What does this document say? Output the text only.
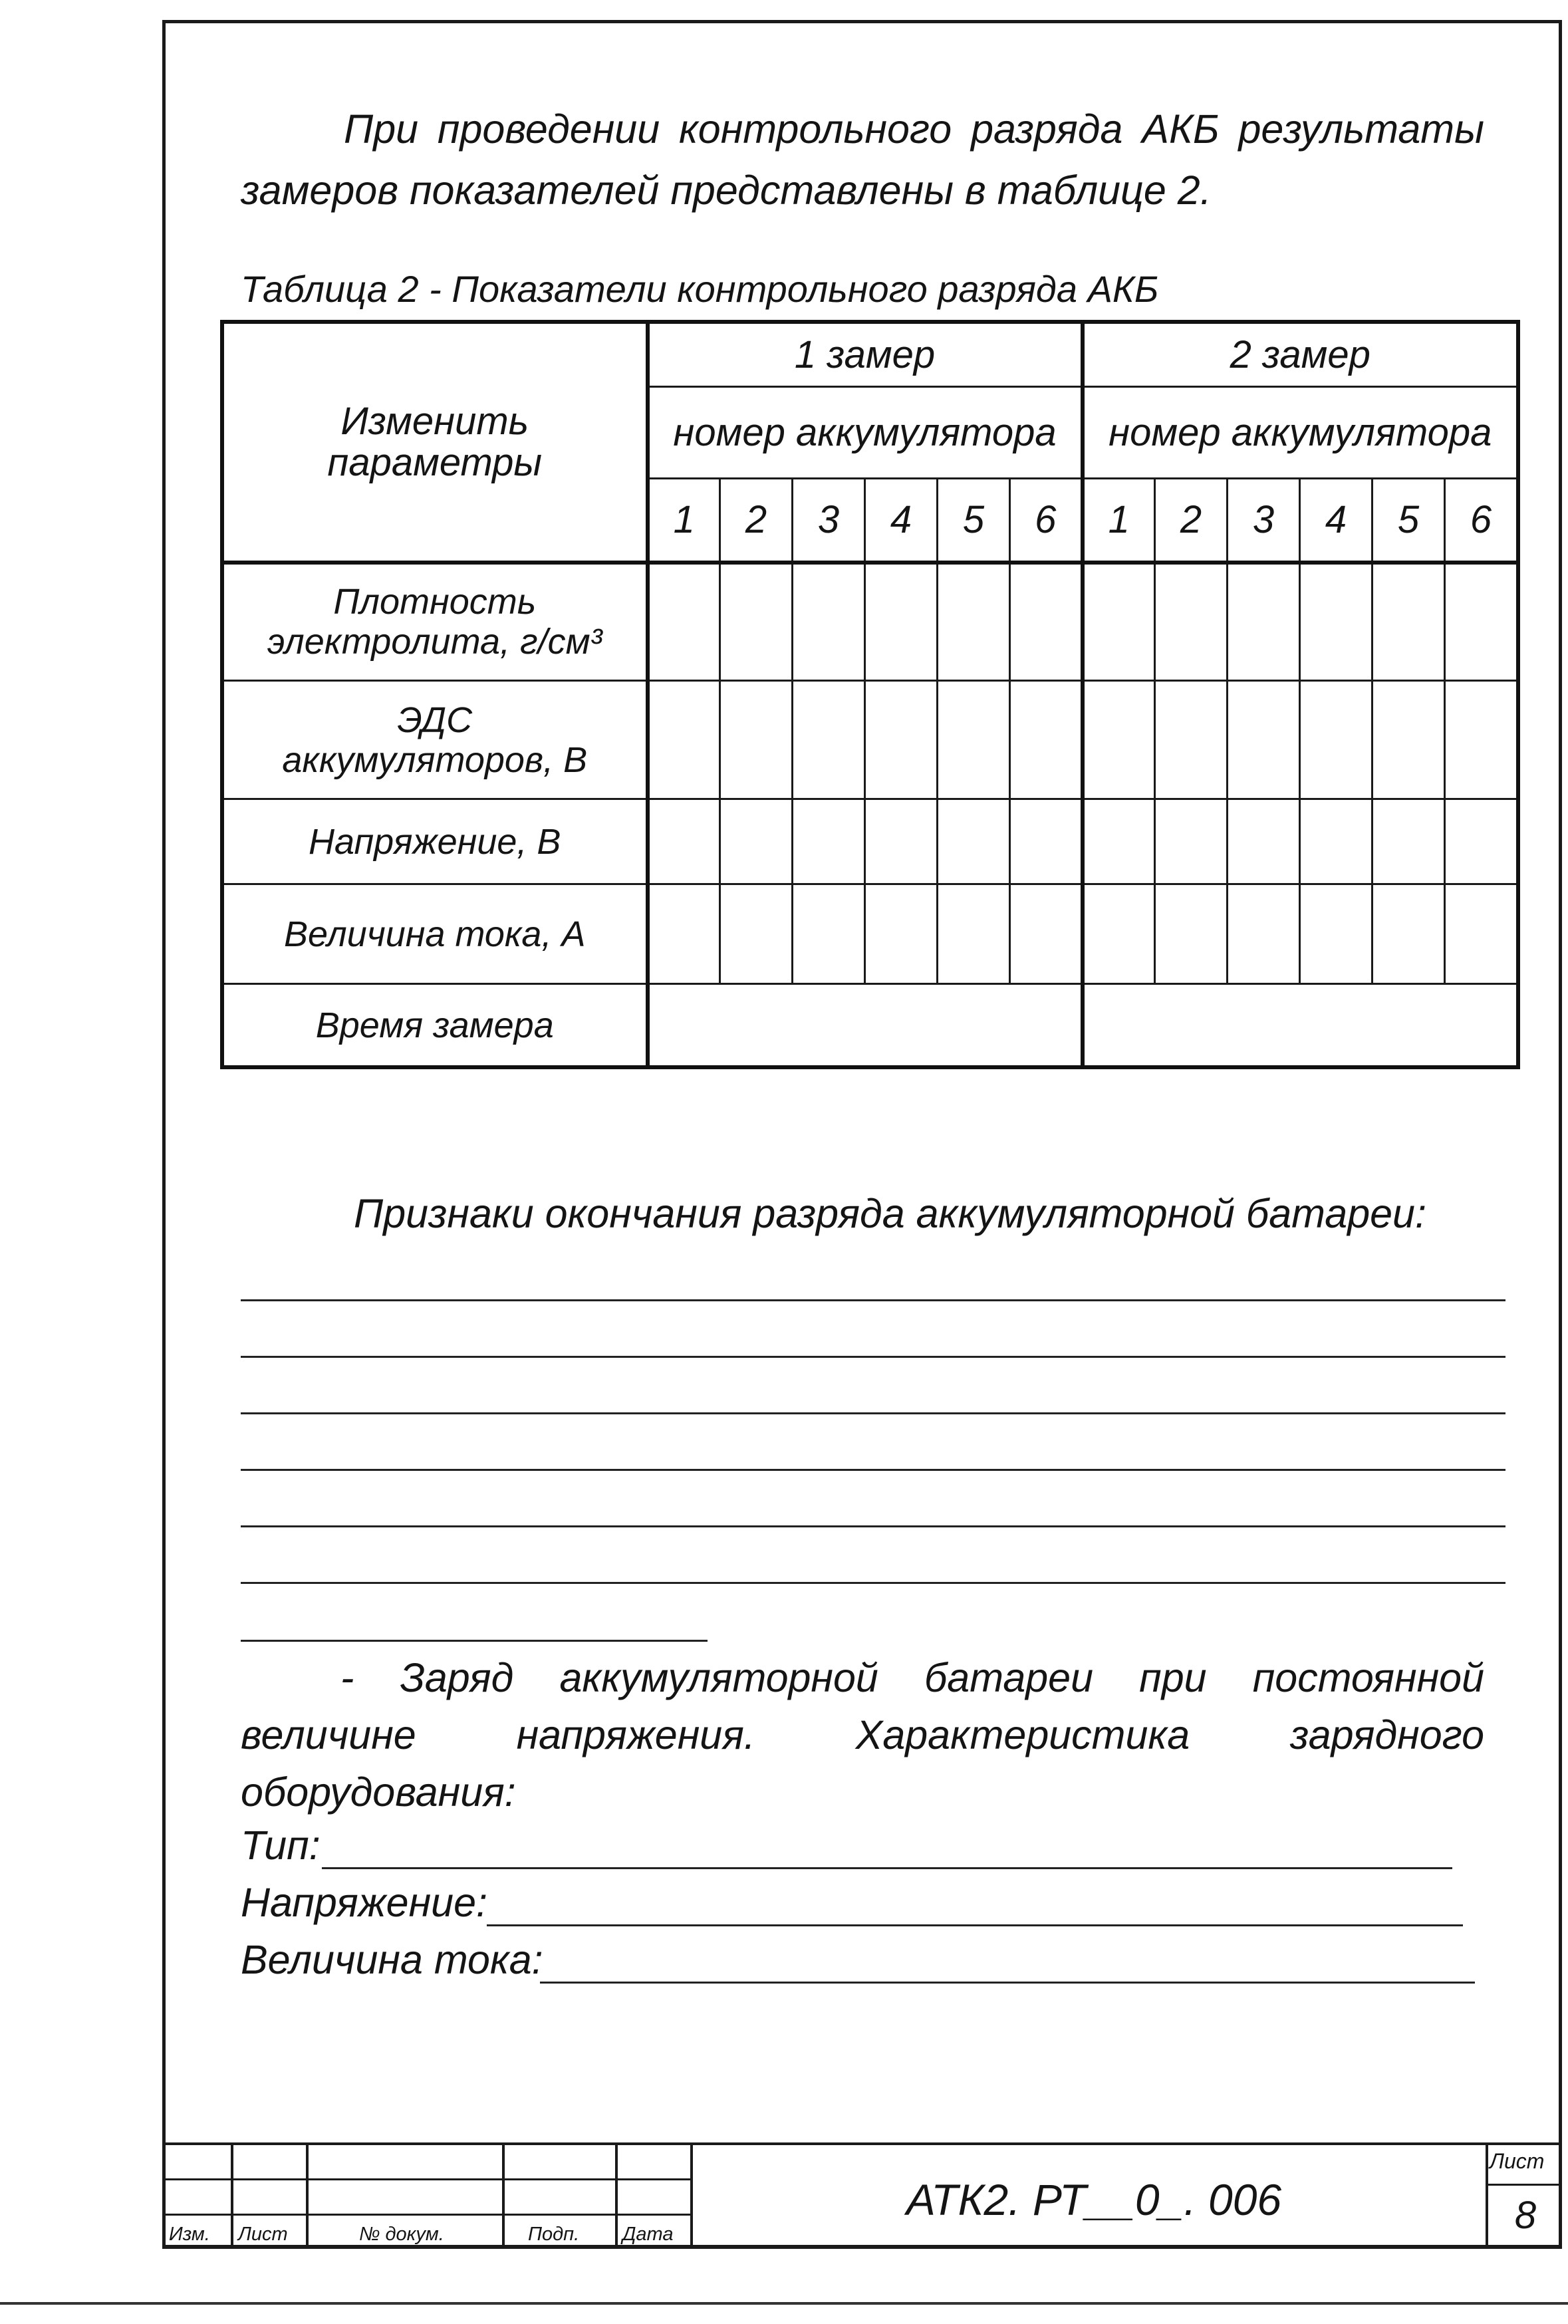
При проведении контрольного разряда АКБ результаты замеров показателей представлены в таблице 2.
Таблица 2 - Показатели контрольного разряда АКБ
Изменить
параметры	1 замер						2 замер					
	номер аккумулятора						номер аккумулятора					
	1	2	3	4	5	6	1	2	3	4	5	6

Плотность
электролита, г/см³												

ЭДС
аккумуляторов, В												

Напряжение, В												
Величина тока, А												
Время замера												
Признаки окончания разряда аккумуляторной батареи:
- Заряд аккумуляторной батареи при постоянной
величине напряжения. Характеристика зарядного
оборудования:
Тип:
Напряжение:
Величина тока:
Изм. Лист	№ докум.	Подп. Дата
АТК2. РТ__0_. 006
Лист
8
